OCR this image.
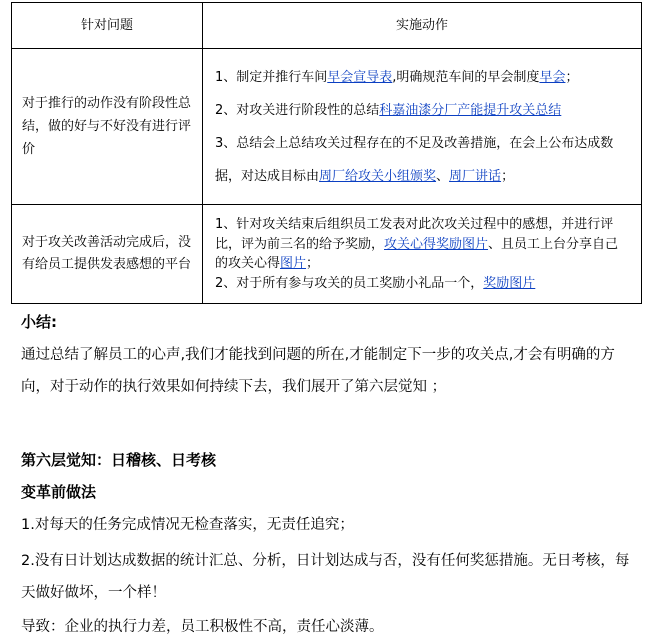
针对问题	实施动作
对于推行的动作没有阶段性总结，做的好与不好没有进行评价	1、制定并推行车间早会宣导表,明确规范车间的早会制度早会；

2、对攻关进行阶段性的总结科嘉油漆分厂产能提升攻关总结

3、总结会上总结攻关过程存在的不足及改善措施，在会上公布达成数据，对达成目标由周厂给攻关小组颁奖、周厂讲话；

对于攻关改善活动完成后，没有给员工提供发表感想的平台	1、针对攻关结束后组织员工发表对此次攻关过程中的感想，并进行评比，评为前三名的给予奖励，攻关心得奖励图片、且员工上台分享自己的攻关心得图片；

2、对于所有参与攻关的员工奖励小礼品一个，奖励图片

小结:
通过总结了解员工的心声,我们才能找到问题的所在,才能制定下一步的攻关点,才会有明确的方向，对于动作的执行效果如何持续下去，我们展开了第六层觉知 ；
第六层觉知：日稽核、日考核
变革前做法
1.对每天的任务完成情况无检查落实，无责任追究；
2.没有日计划达成数据的统计汇总、分析，日计划达成与否，没有任何奖惩措施。无日考核，每天做好做坏，一个样！
导致：企业的执行力差，员工积极性不高，责任心淡薄。
